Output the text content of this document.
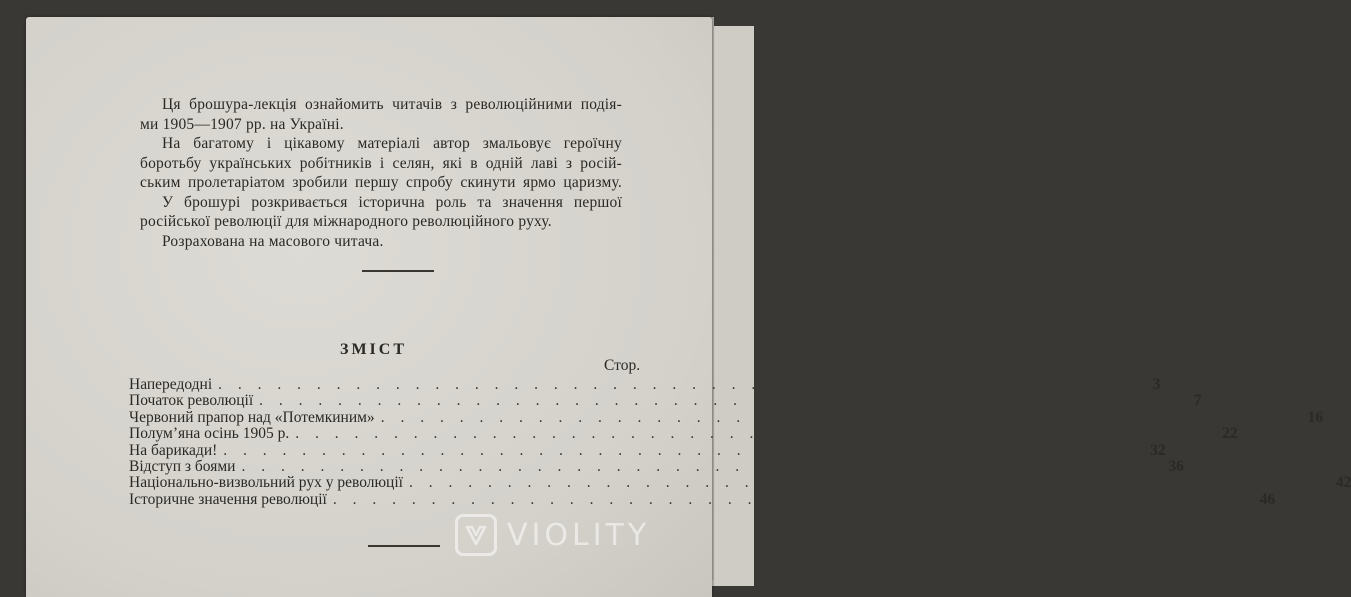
Ця брошура-лекція ознайомить читачів з революційними подія-

ми 1905—1907 рр. на Україні.

На багатому і цікавому матеріалі автор змальовує героїчну

боротьбу українських робітників і селян, які в одній лаві з росій-

ським пролетаріатом зробили першу спробу скинути ярмо царизму.

У брошурі розкривається історична роль та значення першої

російської революції для міжнародного революційного руху.

Розрахована на масового читача.

ЗМІСТ
Стор.
Напередодні . . . . . . . . . . . . . . . . . . . . . . . . . . . . . . . . . . . . . . . . . . . . . . .	3
Початок революції . . . . . . . . . . . . . . . . . . . . . . . . . . . . . . . . . . . . . . . . . . . . . . .	7
Червоний прапор над «Потемкиним» . . . . . . . . . . . . . . . . . . . . . . . . . . . . . . . . . . . . . . . . . . . . . . . 16
Полум’яна осінь 1905 р. . . . . . . . . . . . . . . . . . . . . . . . . . . . . . . . . . . . . . . . . . . . . . . . 22
На барикади! . . . . . . . . . . . . . . . . . . . . . . . . . . . . . . . . . . . . . . . . . . . . . . . 32
Відступ з боями . . . . . . . . . . . . . . . . . . . . . . . . . . . . . . . . . . . . . . . . . . . . . . . 36
Національно-визвольний рух у революції . . . . . . . . . . . . . . . . . . . . . . . . . . . . . . . . . . . . . . . . . . . . . . . 42
Історичне значення революції . . . . . . . . . . . . . . . . . . . . . . . . . . . . . . . . . . . . . . . . . . . . . . . 46
VIOLITY
